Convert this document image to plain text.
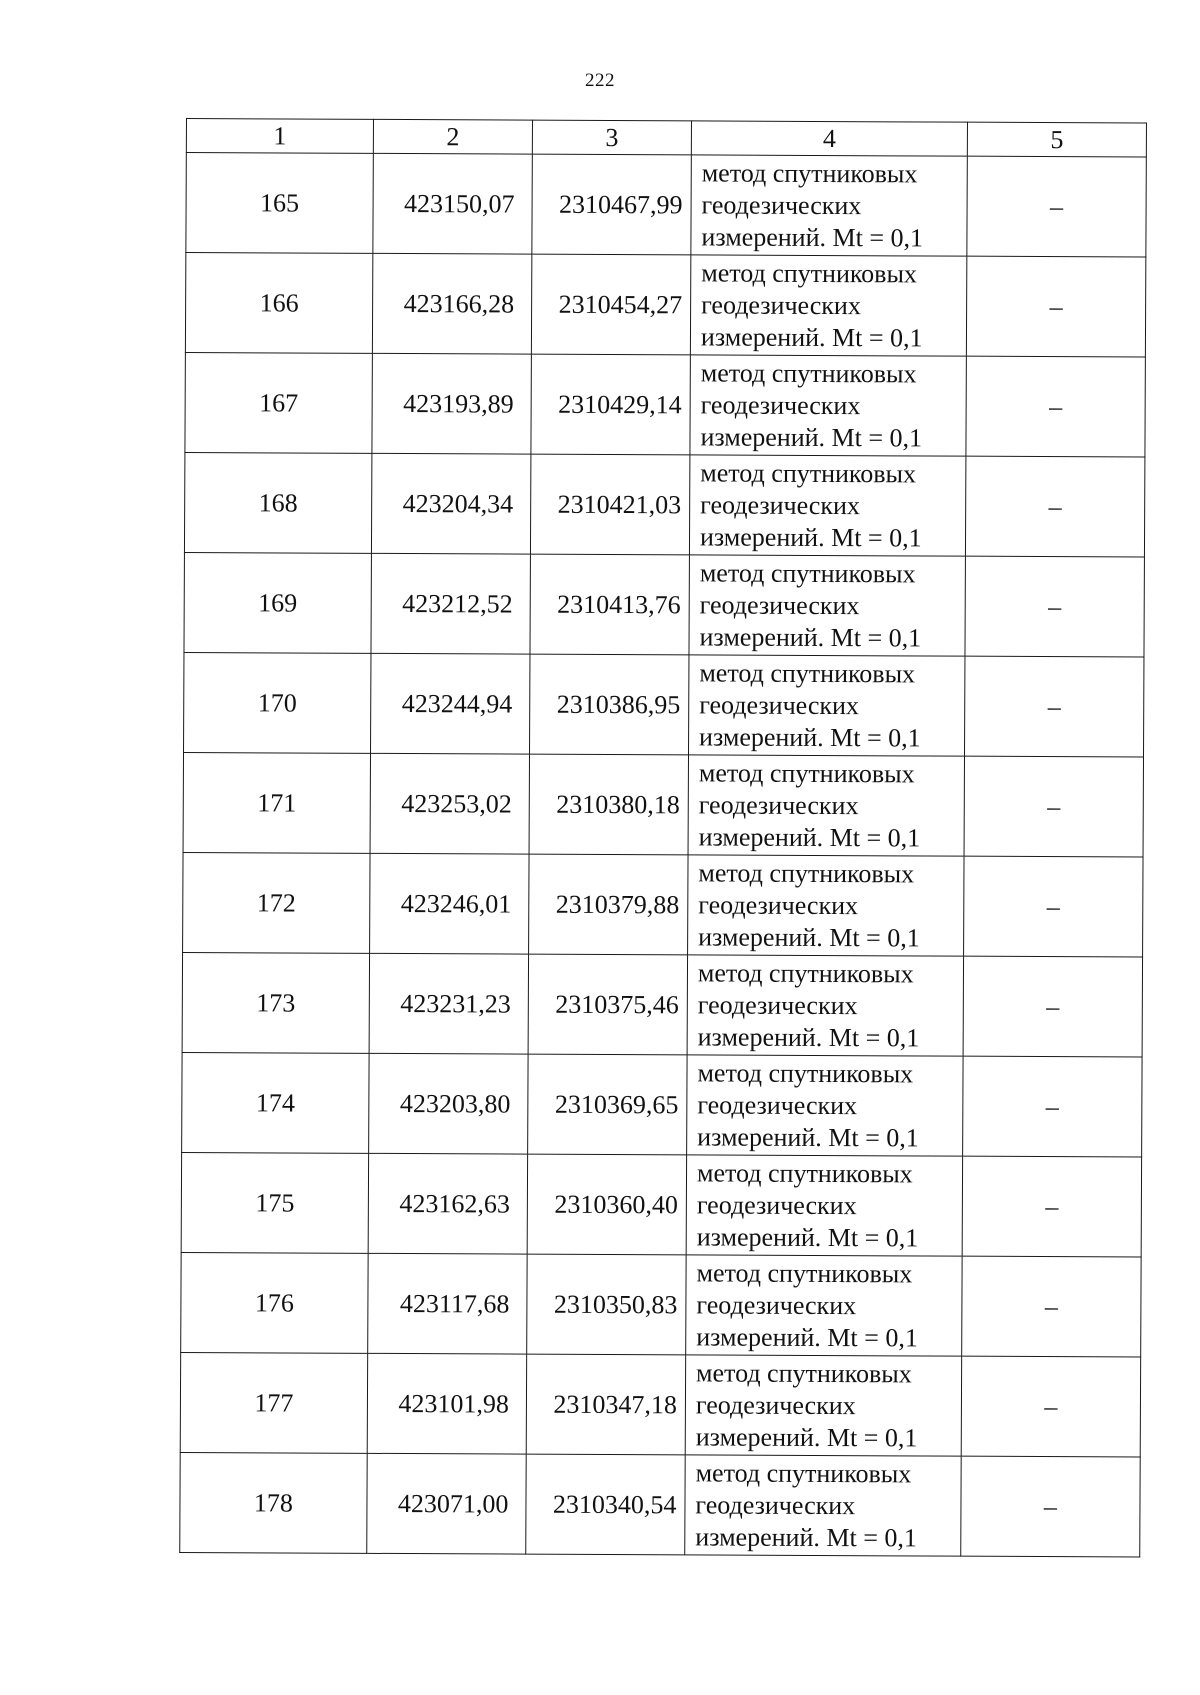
222
1	2	3	4	5
165	423150,07	2310467,99	метод спутниковых
геодезических
измерений. Mt = 0,1	–
166	423166,28	2310454,27	метод спутниковых
геодезических
измерений. Mt = 0,1	–
167	423193,89	2310429,14	метод спутниковых
геодезических
измерений. Mt = 0,1	–
168	423204,34	2310421,03	метод спутниковых
геодезических
измерений. Mt = 0,1	–
169	423212,52	2310413,76	метод спутниковых
геодезических
измерений. Mt = 0,1	–
170	423244,94	2310386,95	метод спутниковых
геодезических
измерений. Mt = 0,1	–
171	423253,02	2310380,18	метод спутниковых
геодезических
измерений. Mt = 0,1	–
172	423246,01	2310379,88	метод спутниковых
геодезических
измерений. Mt = 0,1	–
173	423231,23	2310375,46	метод спутниковых
геодезических
измерений. Mt = 0,1	–
174	423203,80	2310369,65	метод спутниковых
геодезических
измерений. Mt = 0,1	–
175	423162,63	2310360,40	метод спутниковых
геодезических
измерений. Mt = 0,1	–
176	423117,68	2310350,83	метод спутниковых
геодезических
измерений. Mt = 0,1	–
177	423101,98	2310347,18	метод спутниковых
геодезических
измерений. Mt = 0,1	–
178	423071,00	2310340,54	метод спутниковых
геодезических
измерений. Mt = 0,1	–
